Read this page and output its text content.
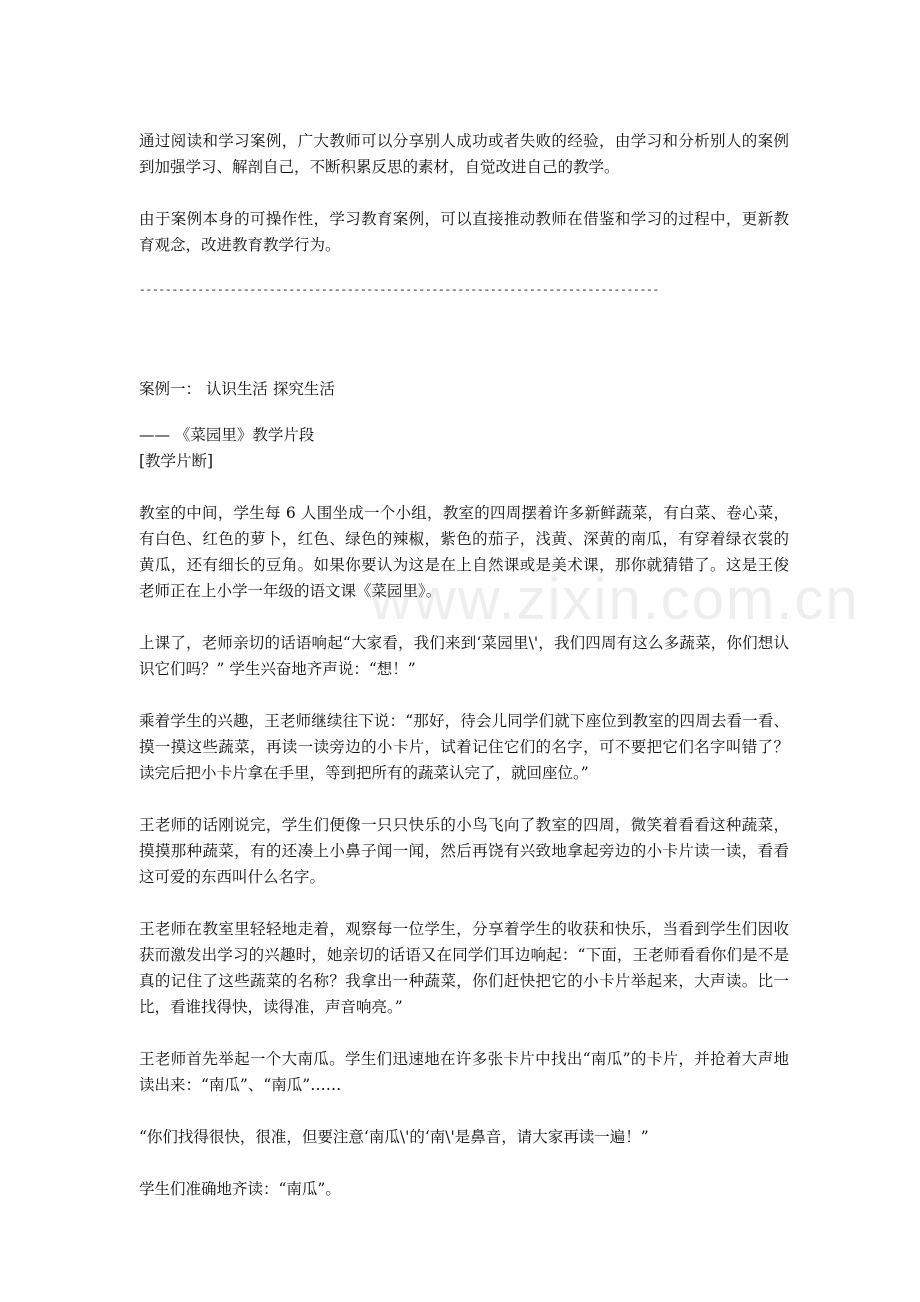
www.zixin.com.cn

通过阅读和学习案例，广大教师可以分享别人成功或者失败的经验，由学习和分析别人的案例到加强学习、解剖自己，不断积累反思的素材，自觉改进自己的教学。

由于案例本身的可操作性，学习教育案例，可以直接推动教师在借鉴和学习的过程中，更新教育观念，改进教育教学行为。

--------------------------------------------------------------------------------

案例一： 认识生活 探究生活

—— 《菜园里》教学片段

[教学片断]

教室的中间，学生每 6 人围坐成一个小组，教室的四周摆着许多新鲜蔬菜，有白菜、卷心菜，有白色、红色的萝卜，红色、绿色的辣椒，紫色的茄子，浅黄、深黄的南瓜，有穿着绿衣裳的黄瓜，还有细长的豆角。如果你要认为这是在上自然课或是美术课，那你就猜错了。这是王俊老师正在上小学一年级的语文课《菜园里》。

上课了，老师亲切的话语响起“大家看，我们来到‘菜园里\'，我们四周有这么多蔬菜，你们想认识它们吗？” 学生兴奋地齐声说：“想！”

乘着学生的兴趣，王老师继续往下说：“那好，待会儿同学们就下座位到教室的四周去看一看、摸一摸这些蔬菜，再读一读旁边的小卡片，试着记住它们的名字，可不要把它们名字叫错了？读完后把小卡片拿在手里，等到把所有的蔬菜认完了，就回座位。”

王老师的话刚说完，学生们便像一只只快乐的小鸟飞向了教室的四周，微笑着看看这种蔬菜，摸摸那种蔬菜，有的还凑上小鼻子闻一闻，然后再饶有兴致地拿起旁边的小卡片读一读，看看这可爱的东西叫什么名字。

王老师在教室里轻轻地走着，观察每一位学生，分享着学生的收获和快乐，当看到学生们因收获而激发出学习的兴趣时，她亲切的话语又在同学们耳边响起：“下面，王老师看看你们是不是真的记住了这些蔬菜的名称？我拿出一种蔬菜，你们赶快把它的小卡片举起来，大声读。比一比，看谁找得快，读得准，声音响亮。”

王老师首先举起一个大南瓜。学生们迅速地在许多张卡片中找出“南瓜”的卡片，并抢着大声地读出来：“南瓜”、“南瓜”……

“你们找得很快，很准，但要注意‘南瓜\'的‘南\'是鼻音，请大家再读一遍！”

学生们准确地齐读：“南瓜”。
